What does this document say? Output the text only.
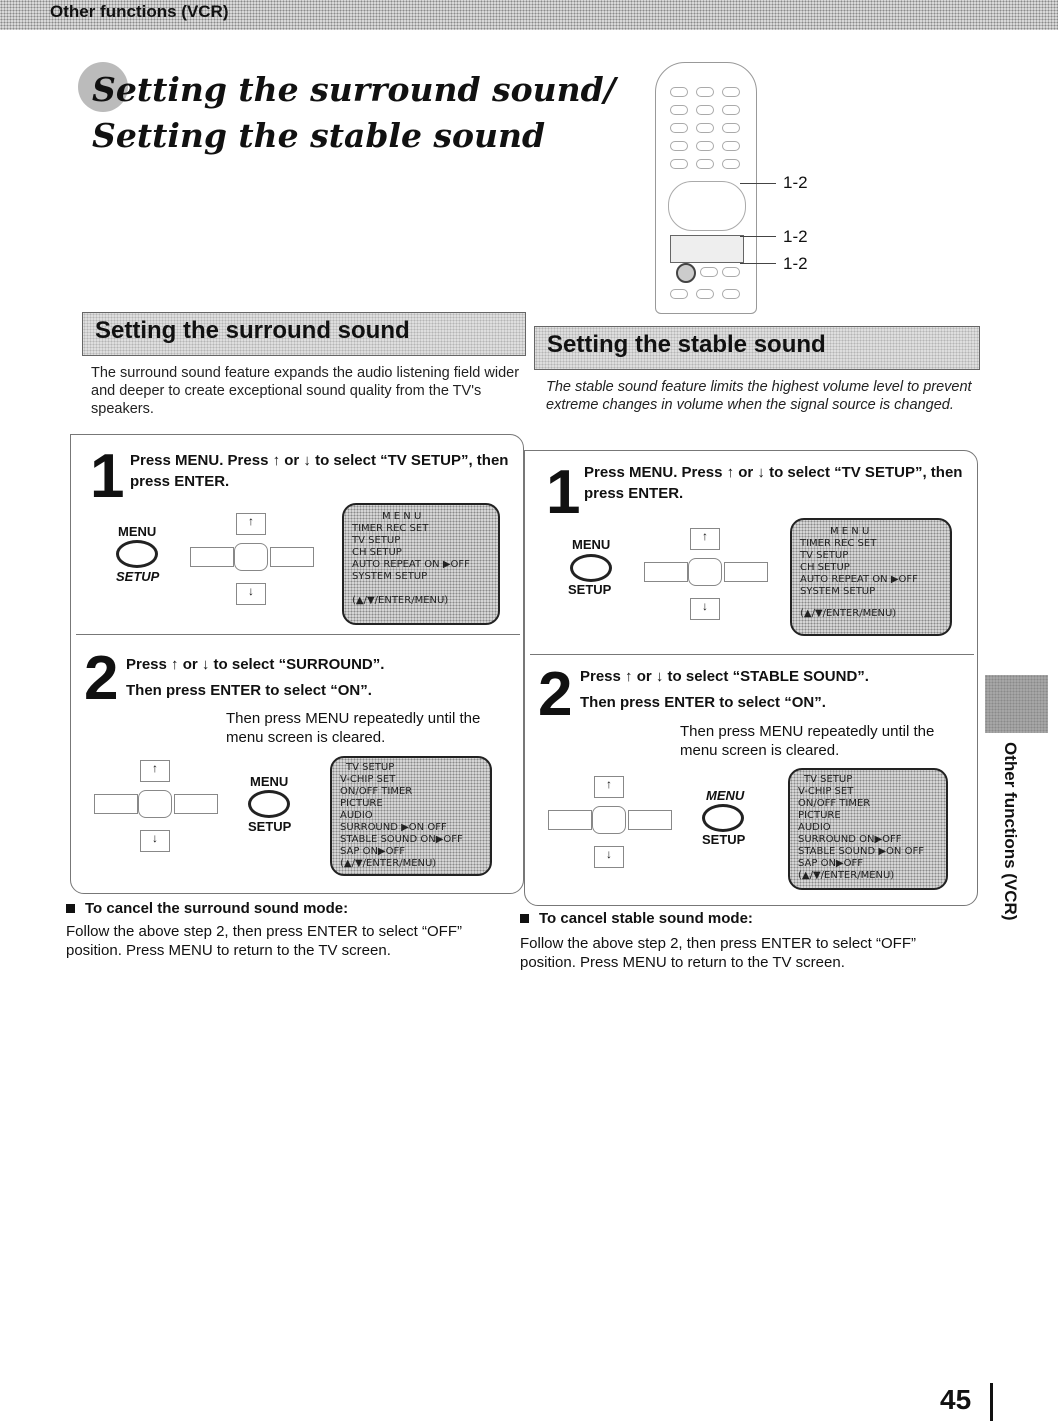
Other functions (VCR)
Setting the surround sound/
Setting the stable sound
1-2
1-2
1-2
Setting the surround sound
The surround sound feature expands the audio listening field wider and deeper to create exceptional sound quality from the TV's speakers.
1 Press MENU. Press ↑ or ↓ to select “TV SETUP”, then press ENTER.
MENU
SETUP
↑
↓
M E N U
TIMER REC SET
TV SETUP
CH SETUP
AUTO REPEAT ON ▶OFF
SYSTEM SETUP
(▲/▼/ENTER/MENU)
2 Press ↑ or ↓ to select “SURROUND”.
Then press ENTER to select “ON”.
Then press MENU repeatedly until the menu screen is cleared.
↑
↓
MENU
SETUP
TV SETUP
V-CHIP SET
ON/OFF TIMER
PICTURE
AUDIO
SURROUND ▶ON OFF
STABLE SOUND ON▶OFF
SAP ON▶OFF
(▲/▼/ENTER/MENU)
To cancel the surround sound mode:
Follow the above step 2, then press ENTER to select “OFF” position. Press MENU to return to the TV screen.
Setting the stable sound
The stable sound feature limits the highest volume level to prevent extreme changes in volume when the signal source is changed.
1 Press MENU. Press ↑ or ↓ to select “TV SETUP”, then press ENTER.
MENU
SETUP
↑
↓
M E N U
TIMER REC SET
TV SETUP
CH SETUP
AUTO REPEAT ON ▶OFF
SYSTEM SETUP
(▲/▼/ENTER/MENU)
2 Press ↑ or ↓ to select “STABLE SOUND”.
Then press ENTER to select “ON”.
Then press MENU repeatedly until the menu screen is cleared.
↑
↓
MENU
SETUP
TV SETUP
V-CHIP SET
ON/OFF TIMER
PICTURE
AUDIO
SURROUND ON▶OFF
STABLE SOUND ▶ON OFF
SAP ON▶OFF
(▲/▼/ENTER/MENU)
To cancel stable sound mode:
Follow the above step 2, then press ENTER to select “OFF” position. Press MENU to return to the TV screen.
Other functions (VCR)
45
